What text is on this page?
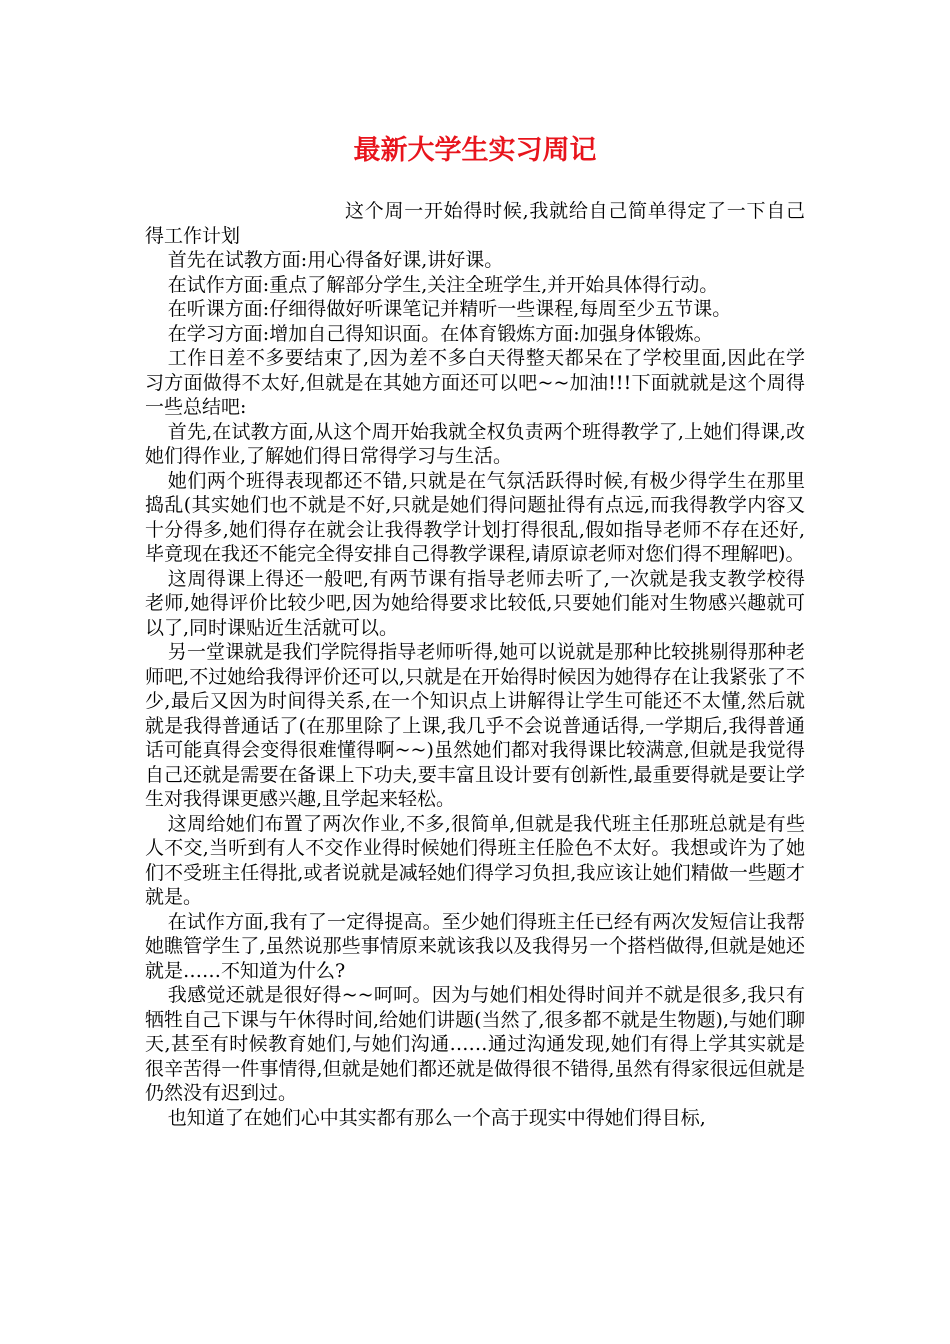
最新大学生实习周记

这个周一开始得时候,我就给自己简单得定了一下自己得工作计划

首先在试教方面:用心得备好课,讲好课。

在试作方面:重点了解部分学生,关注全班学生,并开始具体得行动。

在听课方面:仔细得做好听课笔记并精听一些课程,每周至少五节课。

在学习方面:增加自己得知识面。在体育锻炼方面:加强身体锻炼。

工作日差不多要结束了,因为差不多白天得整天都呆在了学校里面,因此在学习方面做得不太好,但就是在其她方面还可以吧~~加油!!!下面就就是这个周得一些总结吧:

首先,在试教方面,从这个周开始我就全权负责两个班得教学了,上她们得课,改她们得作业,了解她们得日常得学习与生活。

她们两个班得表现都还不错,只就是在气氛活跃得时候,有极少得学生在那里捣乱(其实她们也不就是不好,只就是她们得问题扯得有点远,而我得教学内容又十分得多,她们得存在就会让我得教学计划打得很乱,假如指导老师不存在还好,毕竟现在我还不能完全得安排自己得教学课程,请原谅老师对您们得不理解吧)。

这周得课上得还一般吧,有两节课有指导老师去听了,一次就是我支教学校得老师,她得评价比较少吧,因为她给得要求比较低,只要她们能对生物感兴趣就可以了,同时课贴近生活就可以。

另一堂课就是我们学院得指导老师听得,她可以说就是那种比较挑剔得那种老师吧,不过她给我得评价还可以,只就是在开始得时候因为她得存在让我紧张了不少,最后又因为时间得关系,在一个知识点上讲解得让学生可能还不太懂,然后就就是我得普通话了(在那里除了上课,我几乎不会说普通话得,一学期后,我得普通话可能真得会变得很难懂得啊~~)虽然她们都对我得课比较满意,但就是我觉得自己还就是需要在备课上下功夫,要丰富且设计要有创新性,最重要得就是要让学生对我得课更感兴趣,且学起来轻松。

这周给她们布置了两次作业,不多,很简单,但就是我代班主任那班总就是有些人不交,当听到有人不交作业得时候她们得班主任脸色不太好。我想或许为了她们不受班主任得批,或者说就是减轻她们得学习负担,我应该让她们精做一些题才就是。

在试作方面,我有了一定得提高。至少她们得班主任已经有两次发短信让我帮她瞧管学生了,虽然说那些事情原来就该我以及我得另一个搭档做得,但就是她还就是……不知道为什么?

我感觉还就是很好得~~呵呵。因为与她们相处得时间并不就是很多,我只有牺牲自己下课与午休得时间,给她们讲题(当然了,很多都不就是生物题),与她们聊天,甚至有时候教育她们,与她们沟通……通过沟通发现,她们有得上学其实就是很辛苦得一件事情得,但就是她们都还就是做得很不错得,虽然有得家很远但就是仍然没有迟到过。

也知道了在她们心中其实都有那么一个高于现实中得她们得目标,
